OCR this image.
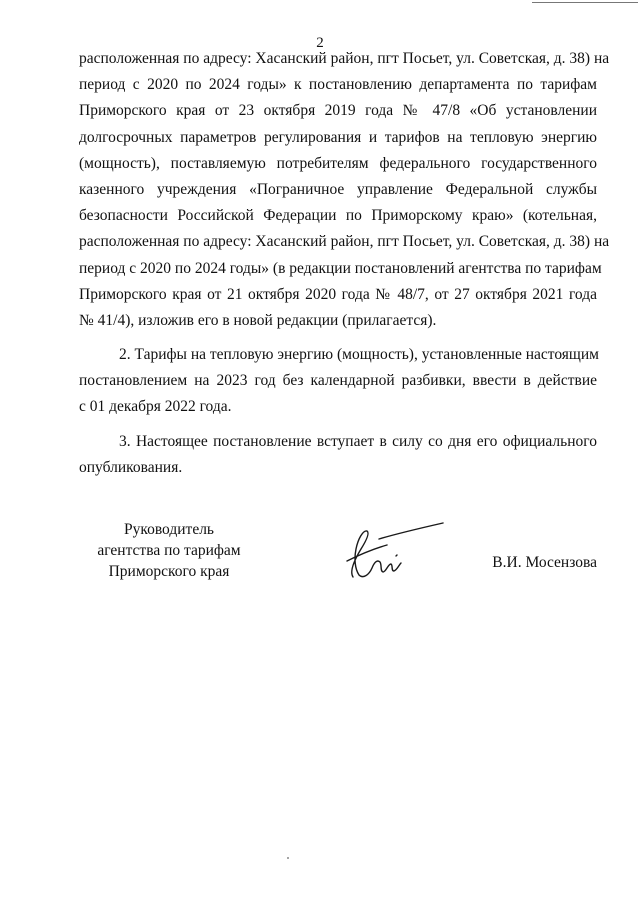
2
расположенная по адресу: Хасанский район, пгт Посьет, ул. Советская, д. 38) на
период с 2020 по 2024 годы» к постановлению департамента по тарифам
Приморского края от 23 октября 2019 года № 47/8 «Об установлении
долгосрочных параметров регулирования и тарифов на тепловую энергию
(мощность), поставляемую потребителям федерального государственного
казенного учреждения «Пограничное управление Федеральной службы
безопасности Российской Федерации по Приморскому краю» (котельная,
расположенная по адресу: Хасанский район, пгт Посьет, ул. Советская, д. 38) на
период с 2020 по 2024 годы» (в редакции постановлений агентства по тарифам
Приморского края от 21 октября 2020 года № 48/7, от 27 октября 2021 года
№ 41/4), изложив его в новой редакции (прилагается).
2. Тарифы на тепловую энергию (мощность), установленные настоящим
постановлением на 2023 год без календарной разбивки, ввести в действие
с 01 декабря 2022 года.
3. Настоящее постановление вступает в силу со дня его официального
опубликования.
Руководитель
агентства по тарифам
Приморского края
В.И. Мосензова
